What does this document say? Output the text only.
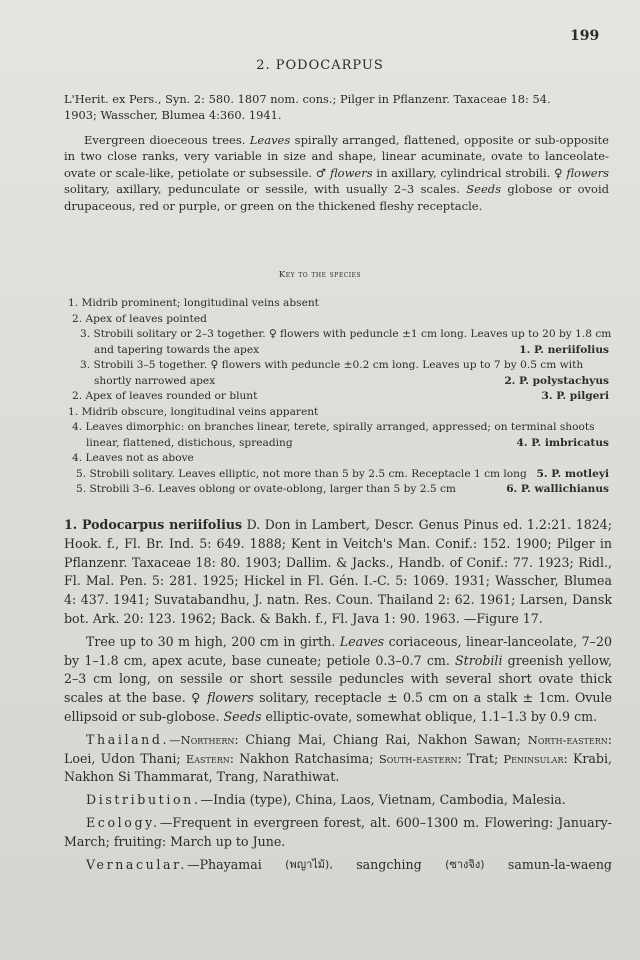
199
2. PODOCARPUS
L'Herit. ex Pers., Syn. 2: 580. 1807 nom. cons.; Pilger in Pflanzenr. Taxaceae 18: 54.
1903; Wasscher, Blumea 4:360. 1941.

Evergreen dioeceous trees. Leaves spirally arranged, flattened, opposite or sub-opposite in two close ranks, very variable in size and shape, linear acuminate, ovate to lanceolate-ovate or scale-like, petiolate or subsessile. ♂ flowers in axillary, cylindrical strobili. ♀ flowers solitary, axillary, pedunculate or sessile, with usually 2–3 scales. Seeds globose or ovoid drupaceous, red or purple, or green on the thickened fleshy receptacle.

Key to the species
1. Midrib prominent; longitudinal veins absent
2. Apex of leaves pointed
3. Strobili solitary or 2–3 together. ♀ flowers with peduncle ±1 cm long. Leaves up to 20 by 1.8 cm
and tapering towards the apex	1. P. neriifolius
3. Strobili 3–5 together. ♀ flowers with peduncle ±0.2 cm long. Leaves up to 7 by 0.5 cm with
shortly narrowed apex	2. P. polystachyus
2. Apex of leaves rounded or blunt	3. P. pilgeri
1. Midrib obscure, longitudinal veins apparent
4. Leaves dimorphic: on branches linear, terete, spirally arranged, appressed; on terminal shoots
linear, flattened, distichous, spreading	4. P. imbricatus
4. Leaves not as above
5. Strobili solitary. Leaves elliptic, not more than 5 by 2.5 cm. Receptacle 1 cm long 5. P. motleyi
5. Strobili 3–6. Leaves oblong or ovate-oblong, larger than 5 by 2.5 cm	6. P. wallichianus

1. Podocarpus neriifolius D. Don in Lambert, Descr. Genus Pinus ed. 1.2:21. 1824; Hook. f., Fl. Br. Ind. 5: 649. 1888; Kent in Veitch's Man. Conif.: 152. 1900; Pilger in Pflanzenr. Taxaceae 18: 80. 1903; Dallim. & Jacks., Handb. of Conif.: 77. 1923; Ridl., Fl. Mal. Pen. 5: 281. 1925; Hickel in Fl. Gén. I.-C. 5: 1069. 1931; Wasscher, Blumea 4: 437. 1941; Suvatabandhu, J. natn. Res. Coun. Thailand 2: 62. 1961; Larsen, Dansk bot. Ark. 20: 123. 1962; Back. & Bakh. f., Fl. Java 1: 90. 1963. —Figure 17.

Tree up to 30 m high, 200 cm in girth. Leaves coriaceous, linear-lanceolate, 7–20 by 1–1.8 cm, apex acute, base cuneate; petiole 0.3–0.7 cm. Strobili greenish yellow, 2–3 cm long, on sessile or short sessile peduncles with several short ovate thick scales at the base. ♀ flowers solitary, receptacle ± 0.5 cm on a stalk ± 1cm. Ovule ellipsoid or sub-globose. Seeds elliptic-ovate, somewhat oblique, 1.1–1.3 by 0.9 cm.

Thailand.—Northern: Chiang Mai, Chiang Rai, Nakhon Sawan; North-eastern: Loei, Udon Thani; Eastern: Nakhon Ratchasima; South-eastern: Trat; Peninsular: Krabi, Nakhon Si Thammarat, Trang, Narathiwat.

Distribution.—India (type), China, Laos, Vietnam, Cambodia, Malesia.

Ecology.—Frequent in evergreen forest, alt. 600–1300 m. Flowering: January-March; fruiting: March up to June.

Vernacular.—Phayamai	(พญาไม้),	sangching	(ซางจิง)	samun-la-waeng
